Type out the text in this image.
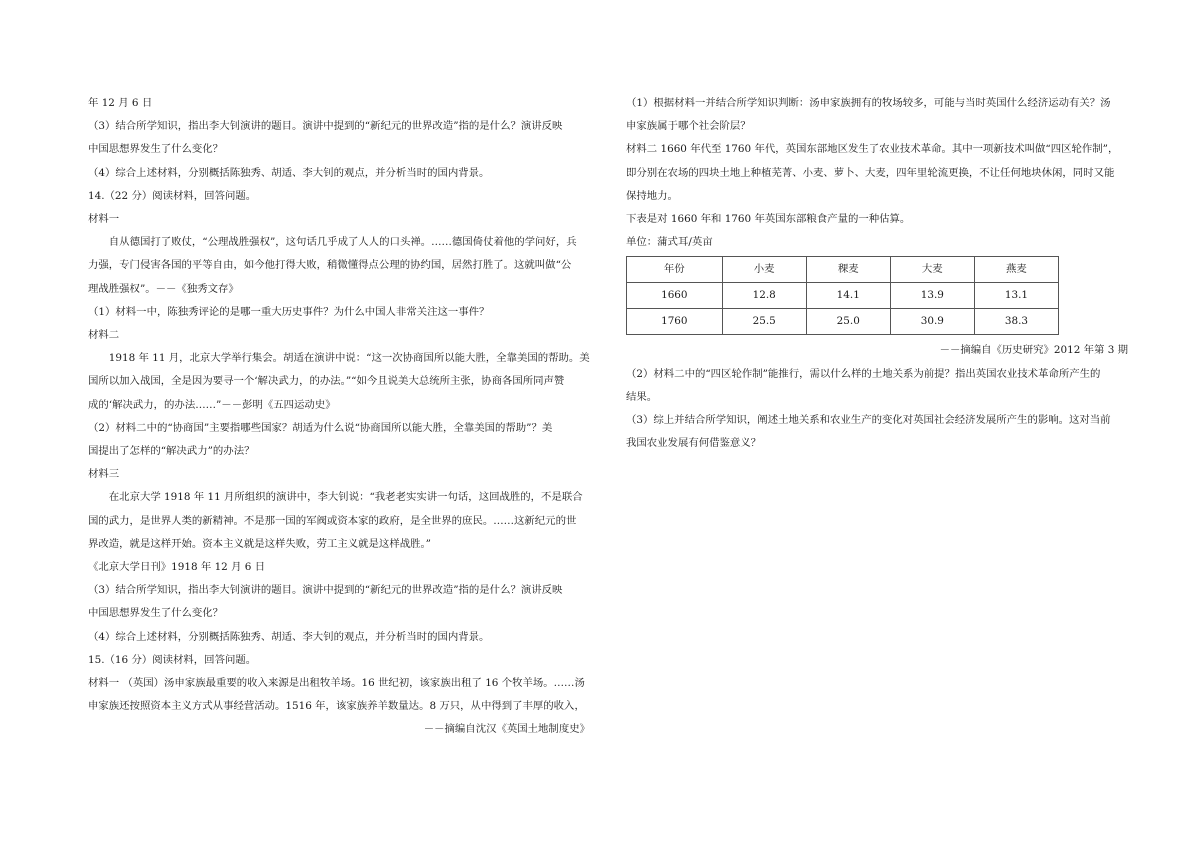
年 12 月 6 日

（3）结合所学知识，指出李大钊演讲的题目。演讲中提到的“新纪元的世界改造”指的是什么？演讲反映

中国思想界发生了什么变化？

（4）综合上述材料，分别概括陈独秀、胡适、李大钊的观点，并分析当时的国内背景。

14.（22 分）阅读材料，回答问题。

材料一

自从德国打了败仗，“公理战胜强权”，这句话几乎成了人人的口头禅。……德国倚仗着他的学问好，兵

力强，专门侵害各国的平等自由，如今他打得大败，稍微懂得点公理的协约国，居然打胜了。这就叫做“公

理战胜强权”。－－《独秀文存》

（1）材料一中，陈独秀评论的是哪一重大历史事件？为什么中国人非常关注这一事件？

材料二

1918 年 11 月，北京大学举行集会。胡适在演讲中说：“这一次协商国所以能大胜，全靠美国的帮助。美

国所以加入战国，全是因为要寻一个‘解决武力，的办法。”“如今且说美大总统所主张，协商各国所同声赞

成的‘解决武力，的办法……”－－彭明《五四运动史》

（2）材料二中的“协商国”主要指哪些国家？胡适为什么说“协商国所以能大胜，全靠美国的帮助”？美

国提出了怎样的“解决武力”的办法？

材料三

在北京大学 1918 年 11 月所组织的演讲中，李大钊说：“我老老实实讲一句话，这回战胜的，不是联合

国的武力，是世界人类的新精神。不是那一国的军阀或资本家的政府，是全世界的庶民。……这新纪元的世

界改造，就是这样开始。资本主义就是这样失败，劳工主义就是这样战胜。”

《北京大学日刊》1918 年 12 月 6 日

（3）结合所学知识，指出李大钊演讲的题目。演讲中提到的“新纪元的世界改造”指的是什么？演讲反映

中国思想界发生了什么变化？

（4）综合上述材料，分别概括陈独秀、胡适、李大钊的观点，并分析当时的国内背景。

15.（16 分）阅读材料，回答问题。

材料一 （英国）汤申家族最重要的收入来源是出租牧羊场。16 世纪初，该家族出租了 16 个牧羊场。……汤

申家族还按照资本主义方式从事经营活动。1516 年，该家族养羊数量达。8 万只，从中得到了丰厚的收入，

－－摘编自沈汉《英国土地制度史》

（1）根据材料一并结合所学知识判断：汤申家族拥有的牧场较多，可能与当时英国什么经济运动有关？汤

申家族属于哪个社会阶层？

材料二 1660 年代至 1760 年代，英国东部地区发生了农业技术革命。其中一项新技术叫做“四区轮作制”，

即分别在农场的四块土地上种植芜菁、小麦、萝卜、大麦，四年里轮流更换，不让任何地块休闲，同时又能

保持地力。

下表是对 1660 年和 1760 年英国东部粮食产量的一种估算。

单位：蒲式耳/英亩

年份	小麦	稞麦	大麦	燕麦
1660	12.8	14.1	13.9	13.1
1760	25.5	25.0	30.9	38.3

－－摘编自《历史研究》2012 年第 3 期

（2）材料二中的“四区轮作制”能推行，需以什么样的土地关系为前提？指出英国农业技术革命所产生的

结果。

（3）综上并结合所学知识，阐述土地关系和农业生产的变化对英国社会经济发展所产生的影响。这对当前

我国农业发展有何借鉴意义？
